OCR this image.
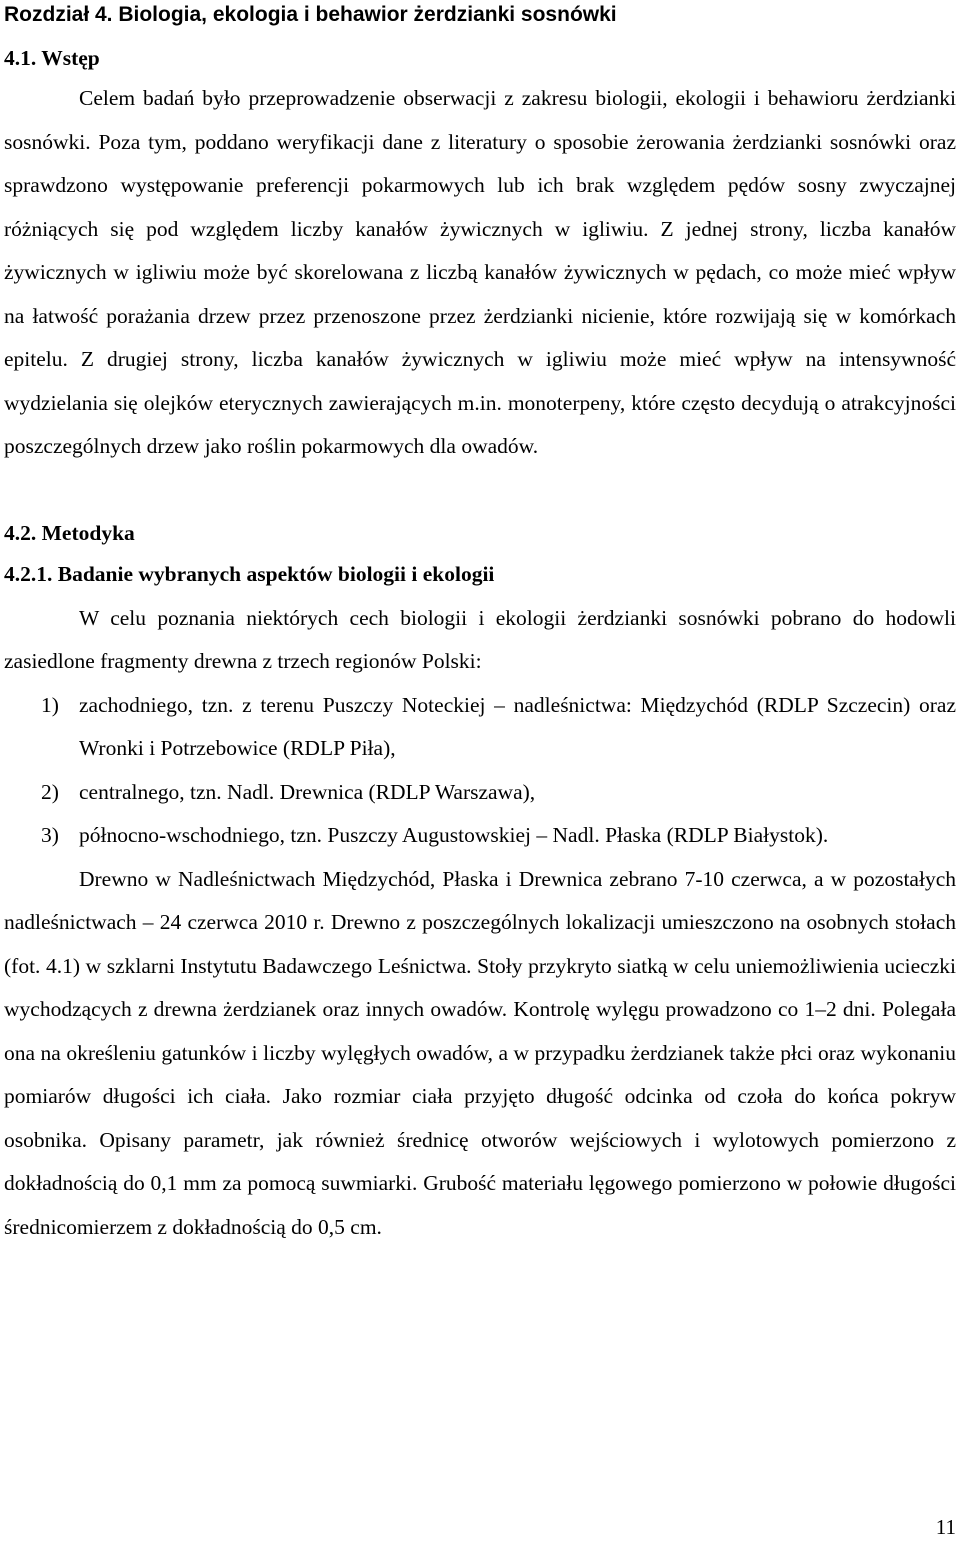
Rozdział 4. Biologia, ekologia i behawior żerdzianki sosnówki
4.1. Wstęp

Celem badań było przeprowadzenie obserwacji z zakresu biologii, ekologii i behawioru żerdzianki sosnówki. Poza tym, poddano weryfikacji dane z literatury o sposobie żerowania żerdzianki sosnówki oraz sprawdzono występowanie preferencji pokarmowych lub ich brak względem pędów sosny zwyczajnej różniących się pod względem liczby kanałów żywicznych w igliwiu. Z jednej strony, liczba kanałów żywicznych w igliwiu może być skorelowana z liczbą kanałów żywicznych w pędach, co może mieć wpływ na łatwość porażania drzew przez przenoszone przez żerdzianki nicienie, które rozwijają się w komórkach epitelu. Z drugiej strony, liczba kanałów żywicznych w igliwiu może mieć wpływ na intensywność wydzielania się olejków eterycznych zawierających m.in. monoterpeny, które często decydują o atrakcyjności poszczególnych drzew jako roślin pokarmowych dla owadów.

4.2. Metodyka
4.2.1. Badanie wybranych aspektów biologii i ekologii

W celu poznania niektórych cech biologii i ekologii żerdzianki sosnówki pobrano do hodowli zasiedlone fragmenty drewna z trzech regionów Polski:

1) zachodniego, tzn. z terenu Puszczy Noteckiej – nadleśnictwa: Międzychód (RDLP Szczecin) oraz Wronki i Potrzebowice (RDLP Piła),
2) centralnego, tzn. Nadl. Drewnica (RDLP Warszawa),
3) północno-wschodniego, tzn. Puszczy Augustowskiej – Nadl. Płaska (RDLP Białystok).

Drewno w Nadleśnictwach Międzychód, Płaska i Drewnica zebrano 7-10 czerwca, a w pozostałych nadleśnictwach – 24 czerwca 2010 r. Drewno z poszczególnych lokalizacji umieszczono na osobnych stołach (fot. 4.1) w szklarni Instytutu Badawczego Leśnictwa. Stoły przykryto siatką w celu uniemożliwienia ucieczki wychodzących z drewna żerdzianek oraz innych owadów. Kontrolę wylęgu prowadzono co 1–2 dni. Polegała ona na określeniu gatunków i liczby wylęgłych owadów, a w przypadku żerdzianek także płci oraz wykonaniu pomiarów długości ich ciała. Jako rozmiar ciała przyjęto długość odcinka od czoła do końca pokryw osobnika. Opisany parametr, jak również średnicę otworów wejściowych i wylotowych pomierzono z dokładnością do 0,1 mm za pomocą suwmiarki. Grubość materiału lęgowego pomierzono w połowie długości średnicomierzem z dokładnością do 0,5 cm.

11
